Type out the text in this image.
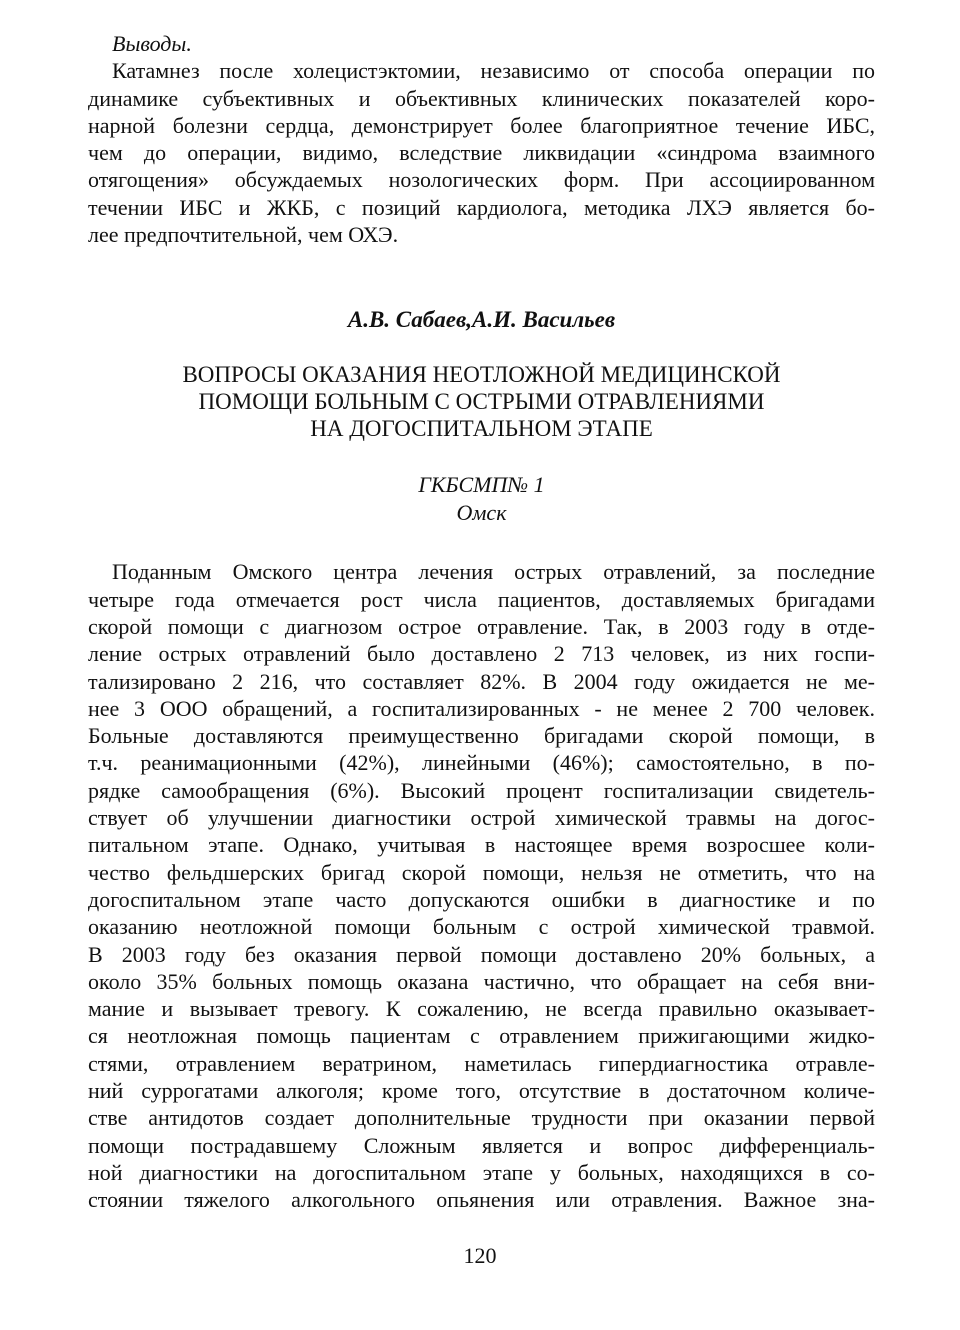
Выводы.
Катамнез после холецистэктомии, независимо от способа операции по
динамике субъективных и объективных клинических показателей коро-
нарной болезни сердца, демонстрирует более благоприятное течение ИБС,
чем до операции, видимо, вследствие ликвидации «синдрома взаимного
отягощения» обсуждаемых нозологических форм. При ассоциированном
течении ИБС и ЖКБ, с позиций кардиолога, методика ЛХЭ является бо-
лее предпочтительной, чем ОХЭ.
А.В. Сабаев,А.И. Васильев
ВОПРОСЫ ОКАЗАНИЯ НЕОТЛОЖНОЙ МЕДИЦИНСКОЙ
ПОМОЩИ БОЛЬНЫМ С ОСТРЫМИ ОТРАВЛЕНИЯМИ
НА ДОГОСПИТАЛЬНОМ ЭТАПЕ
ГКБСМП№ 1
Омск
Поданным Омского центра лечения острых отравлений, за последние
четыре года отмечается рост числа пациентов, доставляемых бригадами
скорой помощи с диагнозом острое отравление. Так, в 2003 году в отде-
ление острых отравлений было доставлено 2 713 человек, из них госпи-
тализировано 2 216, что составляет 82%. В 2004 году ожидается не ме-
нее 3 ООО обращений, а госпитализированных - не менее 2 700 человек.
Больные доставляются преимущественно бригадами скорой помощи, в
т.ч. реанимационными (42%), линейными (46%); самостоятельно, в по-
рядке самообращения (6%). Высокий процент госпитализации свидетель-
ствует об улучшении диагностики острой химической травмы на догос-
питальном этапе. Однако, учитывая в настоящее время возросшее коли-
чество фельдшерских бригад скорой помощи, нельзя не отметить, что на
догоспитальном этапе часто допускаются ошибки в диагностике и по
оказанию неотложной помощи больным с острой химической травмой.
В 2003 году без оказания первой помощи доставлено 20% больных, а
около 35% больных помощь оказана частично, что обращает на себя вни-
мание и вызывает тревогу. К сожалению, не всегда правильно оказывает-
ся неотложная помощь пациентам с отравлением прижигающими жидко-
стями, отравлением вератрином, наметилась гипердиагностика отравле-
ний суррогатами алкоголя; кроме того, отсутствие в достаточном количе-
стве антидотов создает дополнительные трудности при оказании первой
помощи пострадавшему Сложным является и вопрос дифференциаль-
ной диагностики на догоспитальном этапе у больных, находящихся в со-
стоянии тяжелого алкогольного опьянения или отравления. Важное зна-
120
